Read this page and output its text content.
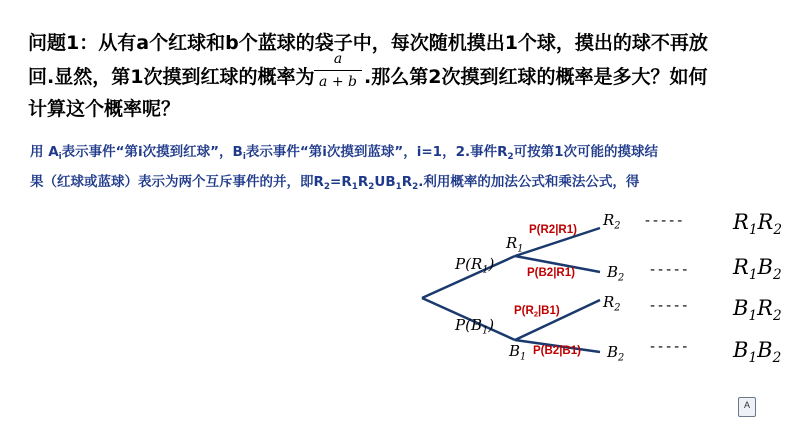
问题1：从有a个红球和b个蓝球的袋子中，每次随机摸出1个球，摸出的球不再放
回.显然，第1次摸到红球的概率为
a
a + b .那么第2次摸到红球的概率是多大？如何
计算这个概率呢？
用 $A_i$表示事件“第i次摸到红球”，$B_i$表示事件“第i次摸到蓝球”，i=1，2.事件$R_2$可按第1次可能的摸球结
果（红球或蓝球）表示为两个互斥事件的并，即$R_2=R_1R_2UB_1R_2$.利用概率的加法公式和乘法公式，得
$P(R_1)$
$P(B_1)$
$R_1$
$B_1$
$R_2$
$B_2$
$R_2$
$B_2$
P(R2|R1)
P(B2|R1)
$P(R_2|B1)$
P(B2|B1)
-----
-----
-----
-----
$R_1R_2$
$R_1B_2$
$B_1R_2$
$B_1B_2$
A
